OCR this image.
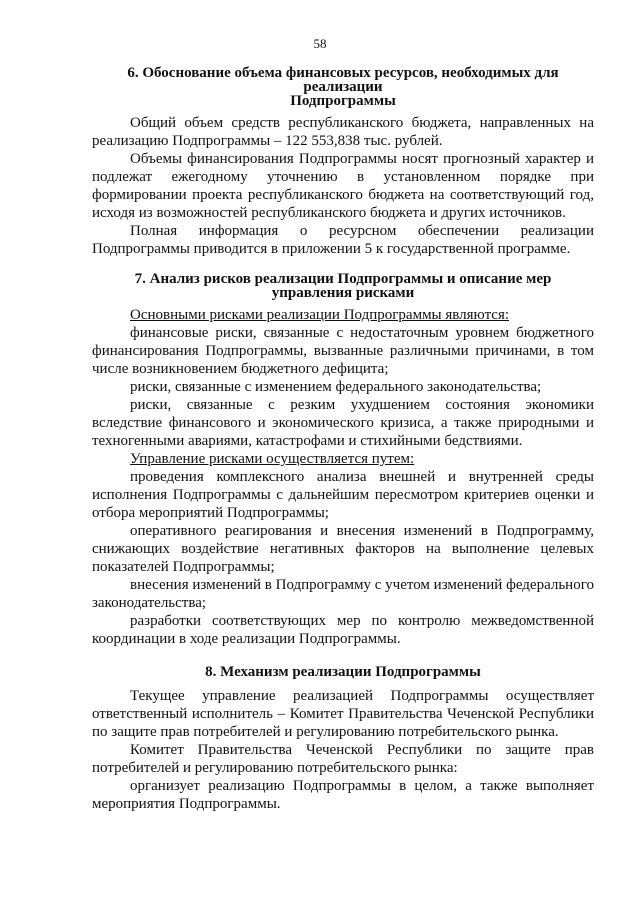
58
6. Обоснование объема финансовых ресурсов, необходимых для реализации
Подпрограммы

Общий объем средств республиканского бюджета, направленных на реализацию Подпрограммы – 122 553,838 тыс. рублей.

Объемы финансирования Подпрограммы носят прогнозный характер и подлежат ежегодному уточнению в установленном порядке при формировании проекта республиканского бюджета на соответствующий год, исходя из возможностей республиканского бюджета и других источников.

Полная информация о ресурсном обеспечении реализации Подпрограммы приводится в приложении 5 к государственной программе.

7. Анализ рисков реализации Подпрограммы и описание мер
управления рисками

Основными рисками реализации Подпрограммы являются:

финансовые риски, связанные с недостаточным уровнем бюджетного финансирования Подпрограммы, вызванные различными причинами, в том числе возникновением бюджетного дефицита;

риски, связанные с изменением федерального законодательства;

риски, связанные с резким ухудшением состояния экономики вследствие финансового и экономического кризиса, а также природными и техногенными авариями, катастрофами и стихийными бедствиями.

Управление рисками осуществляется путем:

проведения комплексного анализа внешней и внутренней среды исполнения Подпрограммы с дальнейшим пересмотром критериев оценки и отбора мероприятий Подпрограммы;

оперативного реагирования и внесения изменений в Подпрограмму, снижающих воздействие негативных факторов на выполнение целевых показателей Подпрограммы;

внесения изменений в Подпрограмму с учетом изменений федерального законодательства;

разработки соответствующих мер по контролю межведомственной координации в ходе реализации Подпрограммы.

8. Механизм реализации Подпрограммы

Текущее управление реализацией Подпрограммы осуществляет ответственный исполнитель – Комитет Правительства Чеченской Республики по защите прав потребителей и регулированию потребительского рынка.

Комитет Правительства Чеченской Республики по защите прав потребителей и регулированию потребительского рынка:

организует реализацию Подпрограммы в целом, а также выполняет мероприятия Подпрограммы.
